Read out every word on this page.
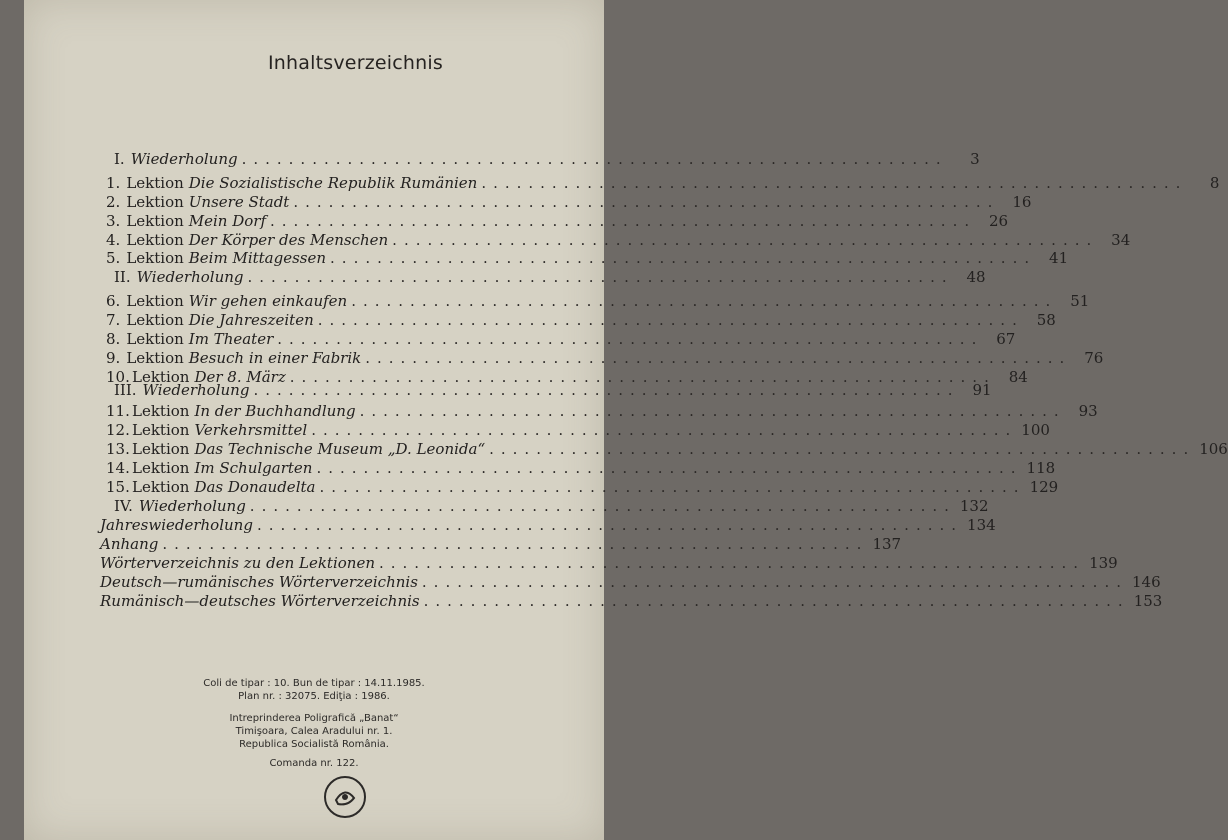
Inhaltsverzeichnis
I. Wiederholung ............................................................	3
1. Lektion Die Sozialistische Republik Rumänien ............................................................	8
2. Lektion Unsere Stadt ............................................................ 16
3. Lektion Mein Dorf ............................................................ 26
4. Lektion Der Körper des Menschen ............................................................ 34
5. Lektion Beim Mittagessen ............................................................ 41
II. Wiederholung ............................................................ 48
6. Lektion Wir gehen einkaufen ............................................................ 51
7. Lektion Die Jahreszeiten ............................................................ 58
8. Lektion Im Theater ............................................................ 67
9. Lektion Besuch in einer Fabrik ............................................................ 76
10. Lektion Der 8. März ............................................................ 84
III. Wiederholung ............................................................ 91
11. Lektion In der Buchhandlung ............................................................ 93
12. Lektion Verkehrsmittel ............................................................ 100
13. Lektion Das Technische Museum „D. Leonida“ ............................................................ 106
14. Lektion Im Schulgarten ............................................................ 118
15. Lektion Das Donaudelta ............................................................ 129
IV. Wiederholung ............................................................ 132
Jahreswiederholung ............................................................ 134
Anhang ............................................................ 137
Wörterverzeichnis zu den Lektionen ............................................................ 139
Deutsch—rumänisches Wörterverzeichnis ............................................................ 146
Rumänisch—deutsches Wörterverzeichnis ............................................................ 153
Coli de tipar : 10. Bun de tipar : 14.11.1985.
Plan nr. : 32075. Ediţia : 1986.
Intreprinderea Poligrafică „Banat“
Timişoara, Calea Aradului nr. 1.
Republica Socialistă România.
Comanda nr. 122.
